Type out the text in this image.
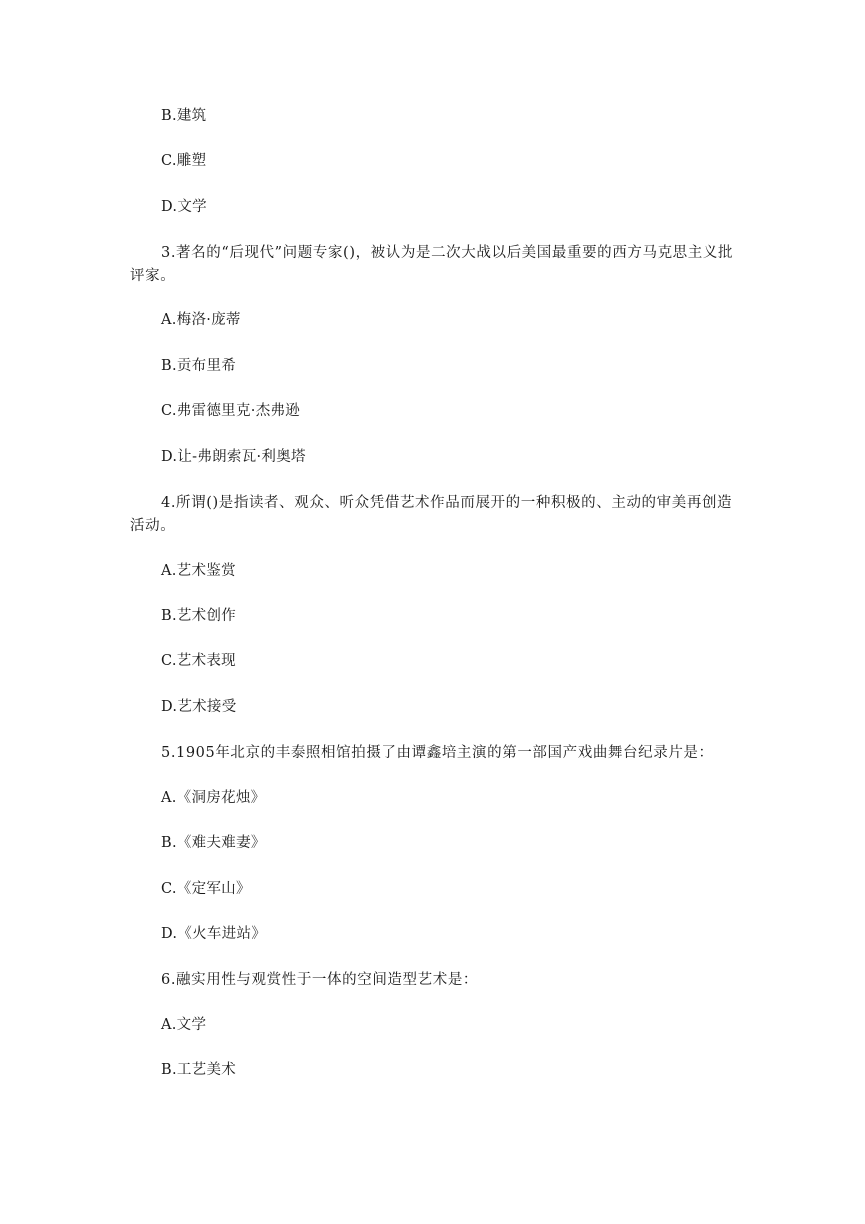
B.建筑
C.雕塑
D.文学
3.著名的“后现代”问题专家()，被认为是二次大战以后美国最重要的西方马克思主义批评家。
A.梅洛·庞蒂
B.贡布里希
C.弗雷德里克·杰弗逊
D.让-弗朗索瓦·利奥塔
4.所谓()是指读者、观众、听众凭借艺术作品而展开的一种积极的、主动的审美再创造活动。
A.艺术鉴赏
B.艺术创作
C.艺术表现
D.艺术接受
5.1905年北京的丰泰照相馆拍摄了由谭鑫培主演的第一部国产戏曲舞台纪录片是：
A.《洞房花烛》
B.《难夫难妻》
C.《定军山》
D.《火车进站》
6.融实用性与观赏性于一体的空间造型艺术是：
A.文学
B.工艺美术
